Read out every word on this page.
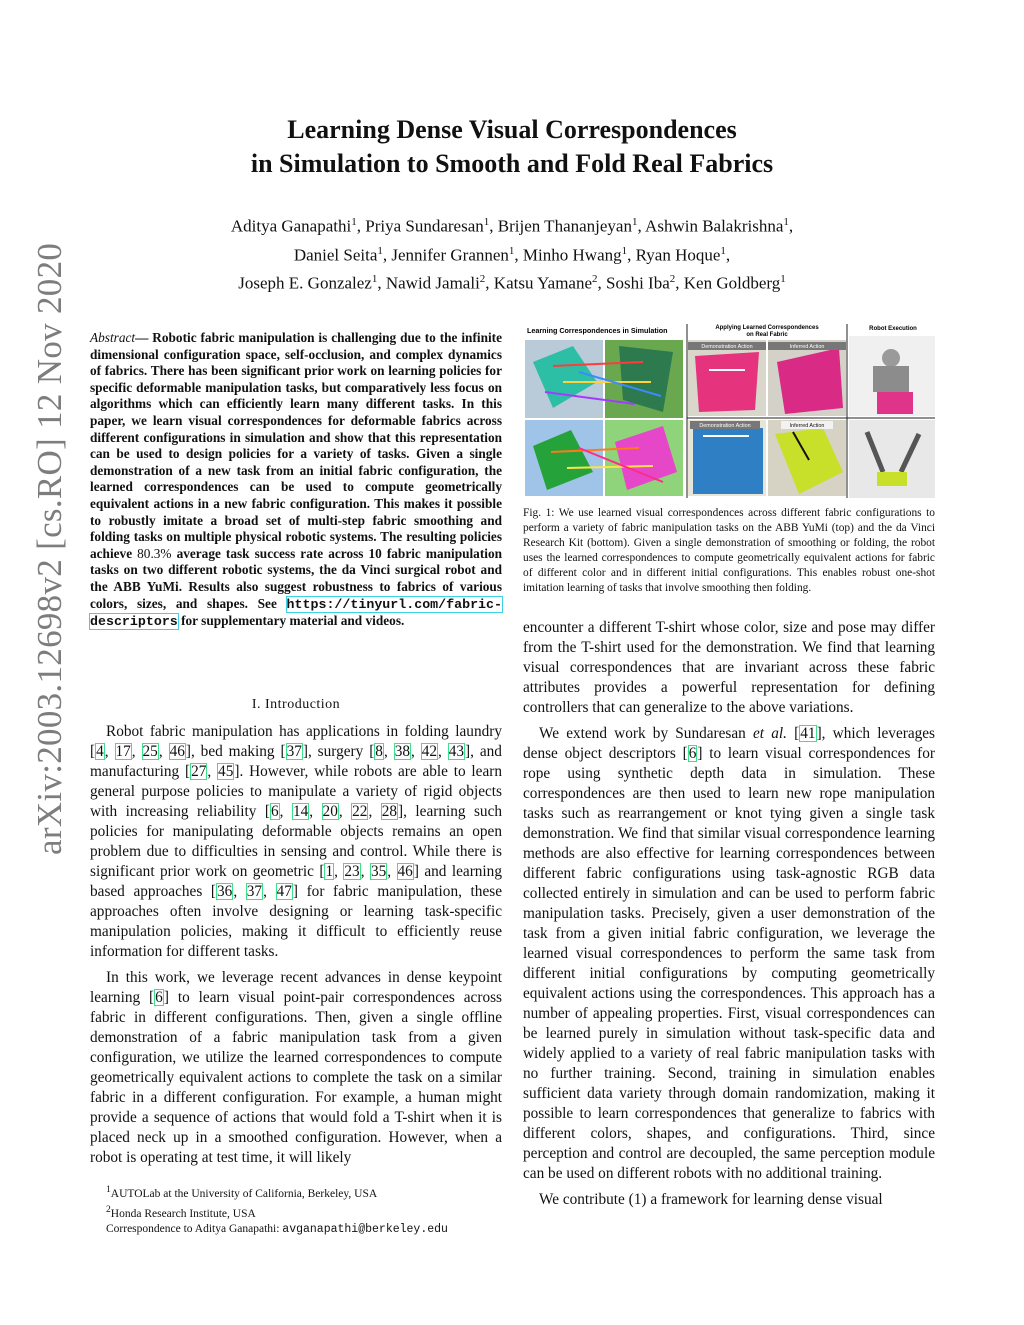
arXiv:2003.12698v2 [cs.RO] 12 Nov 2020
Learning Dense Visual Correspondences
in Simulation to Smooth and Fold Real Fabrics
Aditya Ganapathi$^1$, Priya Sundaresan$^1$, Brijen Thananjeyan$^1$, Ashwin Balakrishna$^1$,
Daniel Seita$^1$, Jennifer Grannen$^1$, Minho Hwang$^1$, Ryan Hoque$^1$,
Joseph E. Gonzalez$^1$, Nawid Jamali$^2$, Katsu Yamane$^2$, Soshi Iba$^2$, Ken Goldberg$^1$

Abstract— Robotic fabric manipulation is challenging due to the infinite dimensional configuration space, self-occlusion, and complex dynamics of fabrics. There has been significant prior work on learning policies for specific deformable manipulation tasks, but comparatively less focus on algorithms which can efficiently learn many different tasks. In this paper, we learn visual correspondences for deformable fabrics across different configurations in simulation and show that this representation can be used to design policies for a variety of tasks. Given a single demonstration of a new task from an initial fabric configuration, the learned correspondences can be used to compute geometrically equivalent actions in a new fabric configuration. This makes it possible to robustly imitate a broad set of multi-step fabric smoothing and folding tasks on multiple physical robotic systems. The resulting policies achieve 80.3% average task success rate across 10 fabric manipulation tasks on two different robotic systems, the da Vinci surgical robot and the ABB YuMi. Results also suggest robustness to fabrics of various colors, sizes, and shapes. See https://tinyurl.com/fabric-descriptors for supplementary material and videos.

I. Introduction

Robot fabric manipulation has applications in folding laundry [4, 17, 25, 46], bed making [37], surgery [8, 38, 42, 43], and manufacturing [27, 45]. However, while robots are able to learn general purpose policies to manipulate a variety of rigid objects with increasing reliability [6, 14, 20, 22, 28], learning such policies for manipulating deformable objects remains an open problem due to difficulties in sensing and control. While there is significant prior work on geometric [1, 23, 35, 46] and learning based approaches [36, 37, 47] for fabric manipulation, these approaches often involve designing or learning task-specific manipulation policies, making it difficult to efficiently reuse information for different tasks.

In this work, we leverage recent advances in dense keypoint learning [6] to learn visual point-pair correspondences across fabric in different configurations. Then, given a single offline demonstration of a fabric manipulation task from a given configuration, we utilize the learned correspondences to compute geometrically equivalent actions to complete the task on a similar fabric in a different configuration. For example, a human might provide a sequence of actions that would fold a T-shirt when it is placed neck up in a smoothed configuration. However, when a robot is operating at test time, it will likely

$^1$AUTOLab at the University of California, Berkeley, USA
$^2$Honda Research Institute, USA
Correspondence to Aditya Ganapathi: avganapathi@berkeley.edu
Learning Correspondences in Simulation	Applying Learned Correspondences
on Real Fabric
Robot Execution
Demonstration Action	Inferred Action
Demonstration Action	Inferred Action
Fig. 1: We use learned visual correspondences across different fabric configurations to perform a variety of fabric manipulation tasks on the ABB YuMi (top) and the da Vinci Research Kit (bottom). Given a single demonstration of smoothing or folding, the robot uses the learned correspondences to compute geometrically equivalent actions for fabric of different color and in different initial configurations. This enables robust one-shot imitation learning of tasks that involve smoothing then folding.

encounter a different T-shirt whose color, size and pose may differ from the T-shirt used for the demonstration. We find that learning visual correspondences that are invariant across these fabric attributes provides a powerful representation for defining controllers that can generalize to the above variations.

We extend work by Sundaresan et al. [41], which leverages dense object descriptors [6] to learn visual correspondences for rope using synthetic depth data in simulation. These correspondences are then used to learn new rope manipulation tasks such as rearrangement or knot tying given a single task demonstration. We find that similar visual correspondence learning methods are also effective for learning correspondences between different fabric configurations using task-agnostic RGB data collected entirely in simulation and can be used to perform fabric manipulation tasks. Precisely, given a user demonstration of the task from a given initial fabric configuration, we leverage the learned visual correspondences to perform the same task from different initial configurations by computing geometrically equivalent actions using the correspondences. This approach has a number of appealing properties. First, visual correspondences can be learned purely in simulation without task-specific data and widely applied to a variety of real fabric manipulation tasks with no further training. Second, training in simulation enables sufficient data variety through domain randomization, making it possible to learn correspondences that generalize to fabrics with different colors, shapes, and configurations. Third, since perception and control are decoupled, the same perception module can be used on different robots with no additional training.

We contribute (1) a framework for learning dense visual
